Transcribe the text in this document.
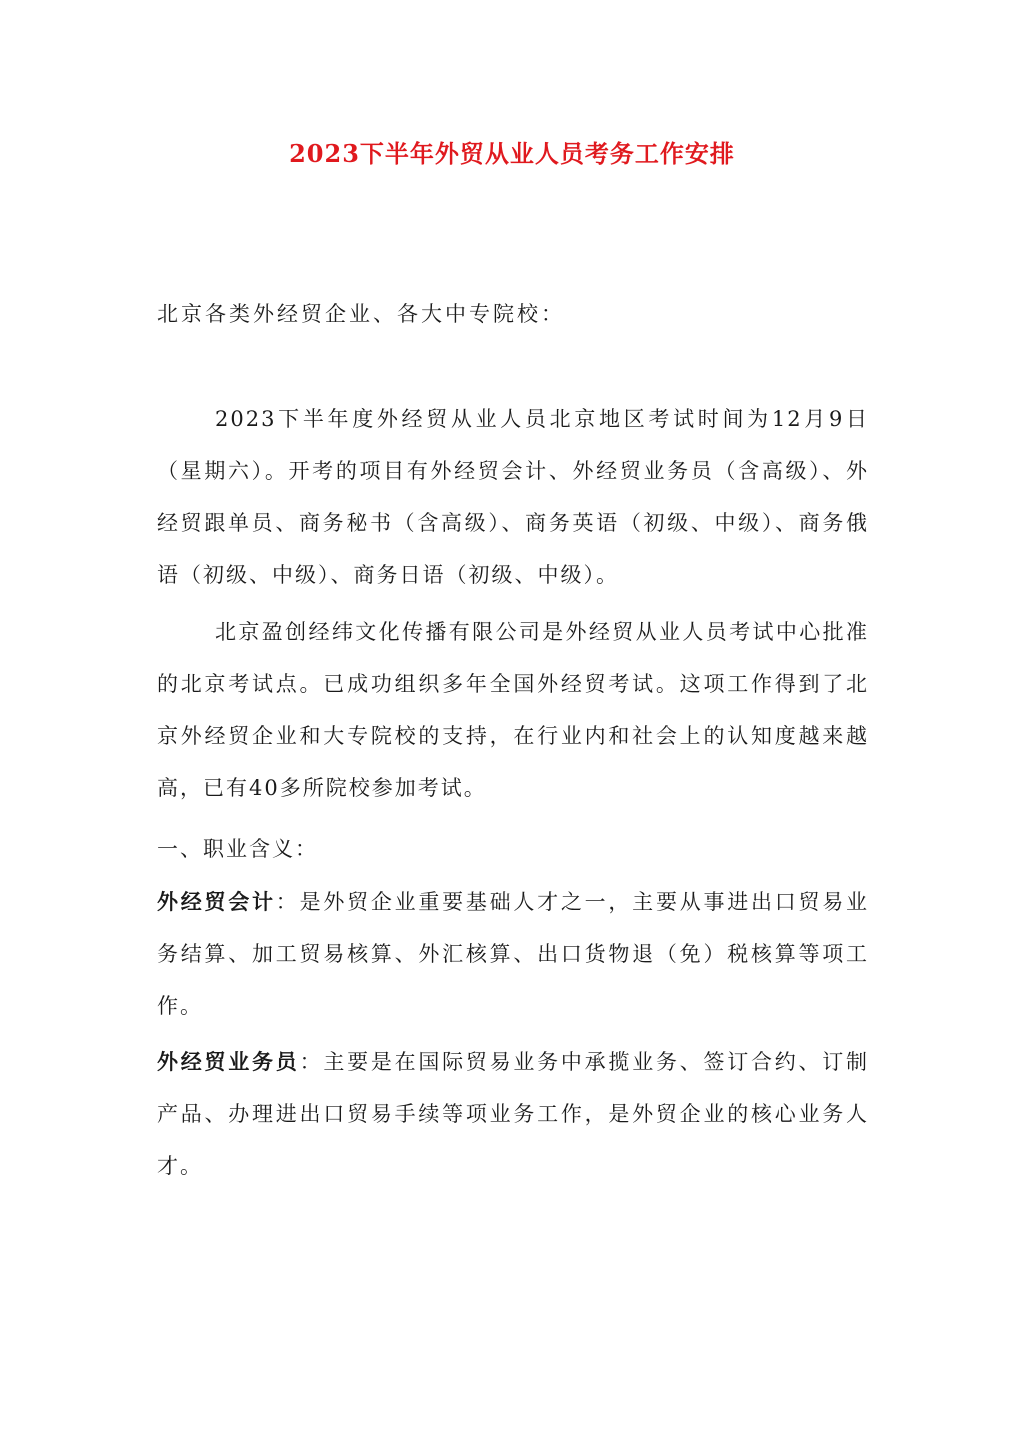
2023下半年外贸从业人员考务工作安排
北京各类外经贸企业、各大中专院校：
2023下半年度外经贸从业人员北京地区考试时间为12月9日（星期六）。开考的项目有外经贸会计、外经贸业务员（含高级）、外经贸跟单员、商务秘书（含高级）、商务英语（初级、中级）、商务俄语（初级、中级）、商务日语（初级、中级）。
北京盈创经纬文化传播有限公司是外经贸从业人员考试中心批准的北京考试点。已成功组织多年全国外经贸考试。这项工作得到了北京外经贸企业和大专院校的支持，在行业内和社会上的认知度越来越高，已有40多所院校参加考试。
一、职业含义：
外经贸会计：是外贸企业重要基础人才之一，主要从事进出口贸易业务结算、加工贸易核算、外汇核算、出口货物退（免）税核算等项工作。
外经贸业务员：主要是在国际贸易业务中承揽业务、签订合约、订制产品、办理进出口贸易手续等项业务工作，是外贸企业的核心业务人才。
